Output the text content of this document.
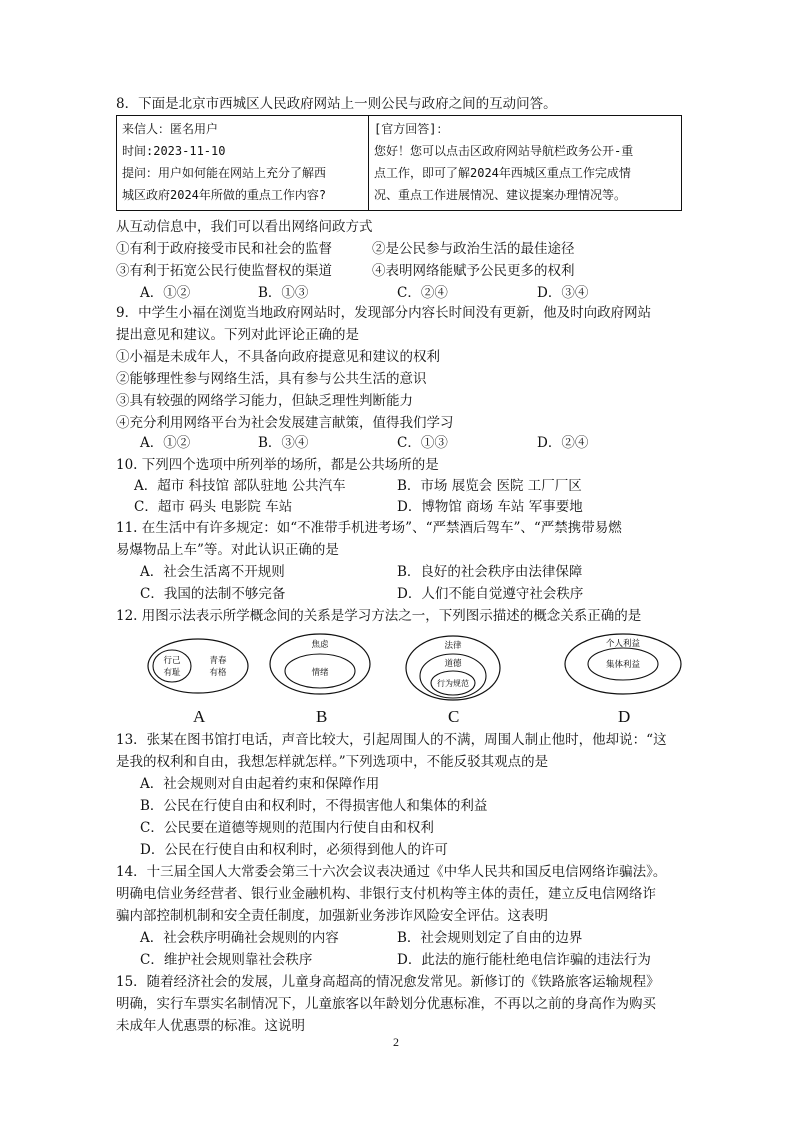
8．下面是北京市西城区人民政府网站上一则公民与政府之间的互动问答。
来信人：匿名用户
时间:2023-11-10
提问：用户如何能在网站上充分了解西
城区政府2024年所做的重点工作内容?
[官方回答]：
您好！您可以点击区政府网站导航栏政务公开-重
点工作，即可了解2024年西城区重点工作完成情
况、重点工作进展情况、建议提案办理情况等。
从互动信息中，我们可以看出网络问政方式
①有利于政府接受市民和社会的监督	②是公民参与政治生活的最佳途径
③有利于拓宽公民行使监督权的渠道	④表明网络能赋予公民更多的权利
A．①②	B．①③	C．②④	D．③④
9．中学生小福在浏览当地政府网站时，发现部分内容长时间没有更新，他及时向政府网站
提出意见和建议。下列对此评论正确的是
①小福是未成年人，不具备向政府提意见和建议的权利
②能够理性参与网络生活，具有参与公共生活的意识
③具有较强的网络学习能力，但缺乏理性判断能力
④充分利用网络平台为社会发展建言献策，值得我们学习
A．①②	B．③④	C．①③	D．②④
10. 下列四个选项中所列举的场所，都是公共场所的是
A．超市 科技馆 部队驻地 公共汽车	B．市场 展览会 医院 工厂厂区
C．超市 码头 电影院 车站	D．博物馆 商场 车站 军事要地
11. 在生活中有许多规定：如“不准带手机进考场”、“严禁酒后驾车”、“严禁携带易燃
易爆物品上车”等。对此认识正确的是
A．社会生活离不开规则	B．良好的社会秩序由法律保障
C．我国的法制不够完备	D．人们不能自觉遵守社会秩序
12. 用图示法表示所学概念间的关系是学习方法之一，下列图示描述的概念关系正确的是
行己
有耻
青春
有格
焦虑
情绪
法律
道德
行为规范
个人利益
集体利益
A	B	C	D
13．张某在图书馆打电话，声音比较大，引起周围人的不满，周围人制止他时，他却说：“这
是我的权利和自由，我想怎样就怎样。”下列选项中，不能反驳其观点的是
A．社会规则对自由起着约束和保障作用
B．公民在行使自由和权利时，不得损害他人和集体的利益
C．公民要在道德等规则的范围内行使自由和权利
D．公民在行使自由和权利时，必须得到他人的许可
14．十三届全国人大常委会第三十六次会议表决通过《中华人民共和国反电信网络诈骗法》。
明确电信业务经营者、银行业金融机构、非银行支付机构等主体的责任，建立反电信网络诈
骗内部控制机制和安全责任制度，加强新业务涉诈风险安全评估。这表明
A．社会秩序明确社会规则的内容	B．社会规则划定了自由的边界
C．维护社会规则靠社会秩序	D．此法的施行能杜绝电信诈骗的违法行为
15．随着经济社会的发展，儿童身高超高的情况愈发常见。新修订的《铁路旅客运输规程》
明确，实行车票实名制情况下，儿童旅客以年龄划分优惠标准，不再以之前的身高作为购买
未成年人优惠票的标准。这说明
2
